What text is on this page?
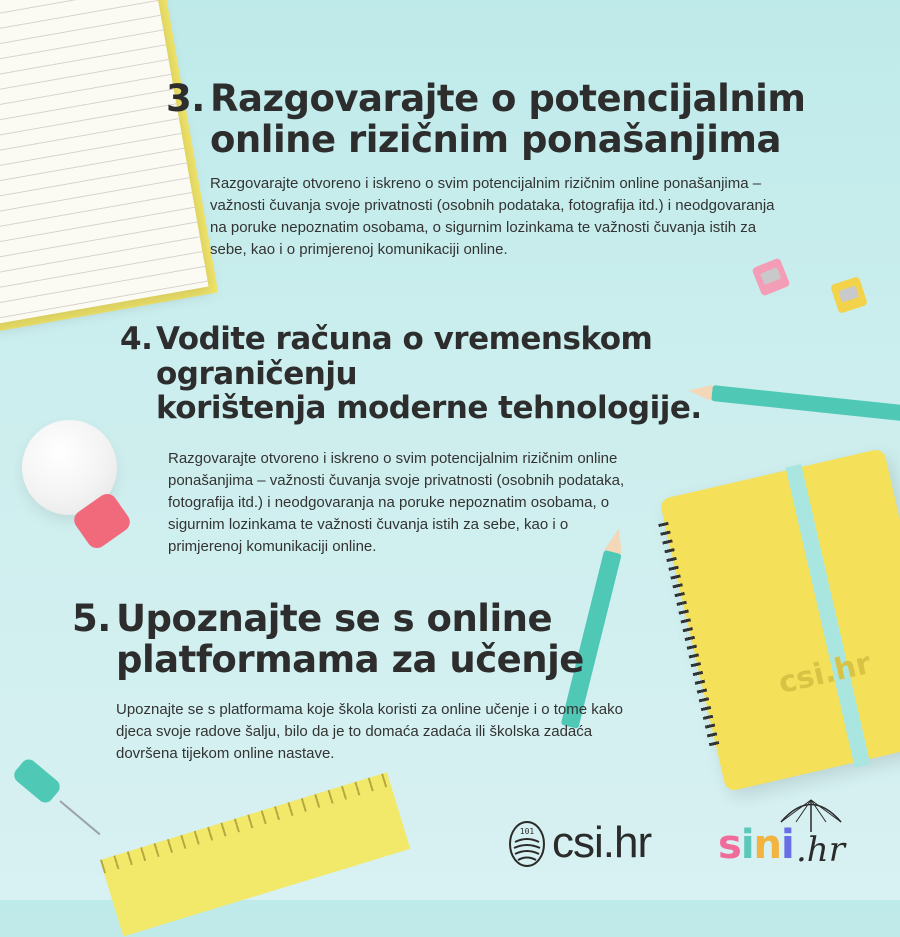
csi.hr
3. Razgovarajte o potencijalnim
online rizičnim ponašanjima
Razgovarajte otvoreno i iskreno o svim potencijalnim rizičnim online ponašanjima –
važnosti čuvanja svoje privatnosti (osobnih podataka, fotografija itd.) i neodgovaranja
na poruke nepoznatim osobama, o sigurnim lozinkama te važnosti čuvanja istih za
sebe, kao i o primjerenoj komunikaciji online.
4. Vodite računa o vremenskom ograničenju
korištenja moderne tehnologije.
Razgovarajte otvoreno i iskreno o svim potencijalnim rizičnim online
ponašanjima – važnosti čuvanja svoje privatnosti (osobnih podataka,
fotografija itd.) i neodgovaranja na poruke nepoznatim osobama, o
sigurnim lozinkama te važnosti čuvanja istih za sebe, kao i o
primjerenoj komunikaciji online.
5. Upoznajte se s online
platformama za učenje
Upoznajte se s platformama koje škola koristi za online učenje i o tome kako
djeca svoje radove šalju, bilo da je to domaća zadaća ili školska zadaća
dovršena tijekom online nastave.
101 csi.hr sini .hr
